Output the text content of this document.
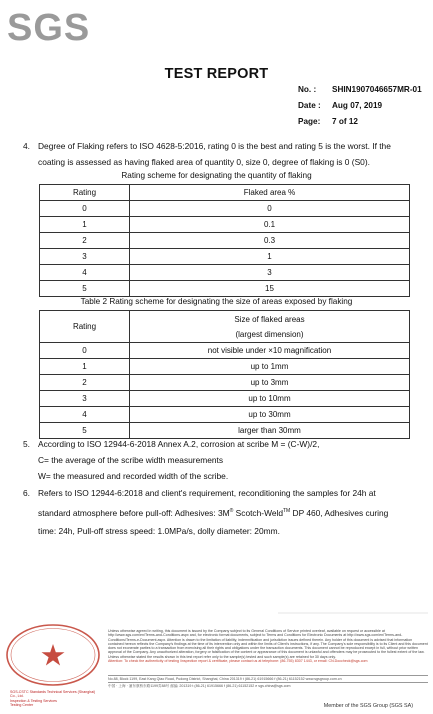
SGS
TEST REPORT
No. : SHIN1907046657MR-01
Date : Aug 07, 2019
Page: 7 of 12
4. Degree of Flaking refers to ISO 4628-5:2016, rating 0 is the best and rating 5 is the worst. If the
coating is assessed as having flaked area of quantity 0, size 0, degree of flaking is 0 (S0).
Rating scheme for designating the quantity of flaking
Rating	Flaked area %
0	0
1	0.1
2	0.3
3	1
4	3
5	15
Table 2 Rating scheme for designating the size of areas exposed by flaking
Rating	Size of flaked areas
(largest dimension)

0	not visible under ×10 magnification
1	up to 1mm
2	up to 3mm
3	up to 10mm
4	up to 30mm
5	larger than 30mm
5. According to ISO 12944-6-2018 Annex A.2, corrosion at scribe M = (C-W)/2,
C= the average of the scribe width measurements
W= the measured and recorded width of the scribe.
6. Refers to ISO 12944-6:2018 and client's requirement, reconditioning the samples for 24h at
standard atmosphere before pull-off: Adhesives: 3M® Scotch-Weld™ DP 460, Adhesives curing
time: 24h, Pull-off stress speed: 1.0MPa/s, dolly diameter: 20mm.
SGS-CSTC Standards Technical Services (Shanghai) Co., Ltd.
Inspection & Testing Services
Testing Center
Unless otherwise agreed in writing, this document is issued by the Company subject to its General Conditions of Service printed overleaf, available on request or accessible at http://www.sgs.com/en/Terms-and-Conditions.aspx and, for electronic format documents, subject to Terms and Conditions for Electronic Documents at http://www.sgs.com/en/Terms-and-Conditions/Terms-e-Document.aspx. Attention is drawn to the limitation of liability, indemnification and jurisdiction issues defined therein. Any holder of this document is advised that information contained hereon reflects the Company's findings at the time of its intervention only and within the limits of Client's instructions, if any. The Company's sole responsibility is to its Client and this document does not exonerate parties to a transaction from exercising all their rights and obligations under the transaction documents. This document cannot be reproduced except in full, without prior written approval of the Company. Any unauthorized alteration, forgery or falsification of the content or appearance of this document is unlawful and offenders may be prosecuted to the fullest extent of the law. Unless otherwise stated the results shown in this test report refer only to the sample(s) tested and such sample(s) are retained for 30 days only.
Attention: To check the authenticity of testing /inspection report & certificate, please contact us at telephone: (86-755) 8307 1443, or email: CN.Doccheck@sgs.com
No.88, Block 1199, East Kang Qiao Road, Pudong District, Shanghai, China 201319 t (86-21) 61915666 f (86-21) 61152152 www.sgsgroup.com.cn
中国 · 上海 · 浦东康桥东路1199弄88号 邮编: 201319 t (86-21) 61915666 f (86-21) 61152152 e sgs.china@sgs.com
Member of the SGS Group (SGS SA)
